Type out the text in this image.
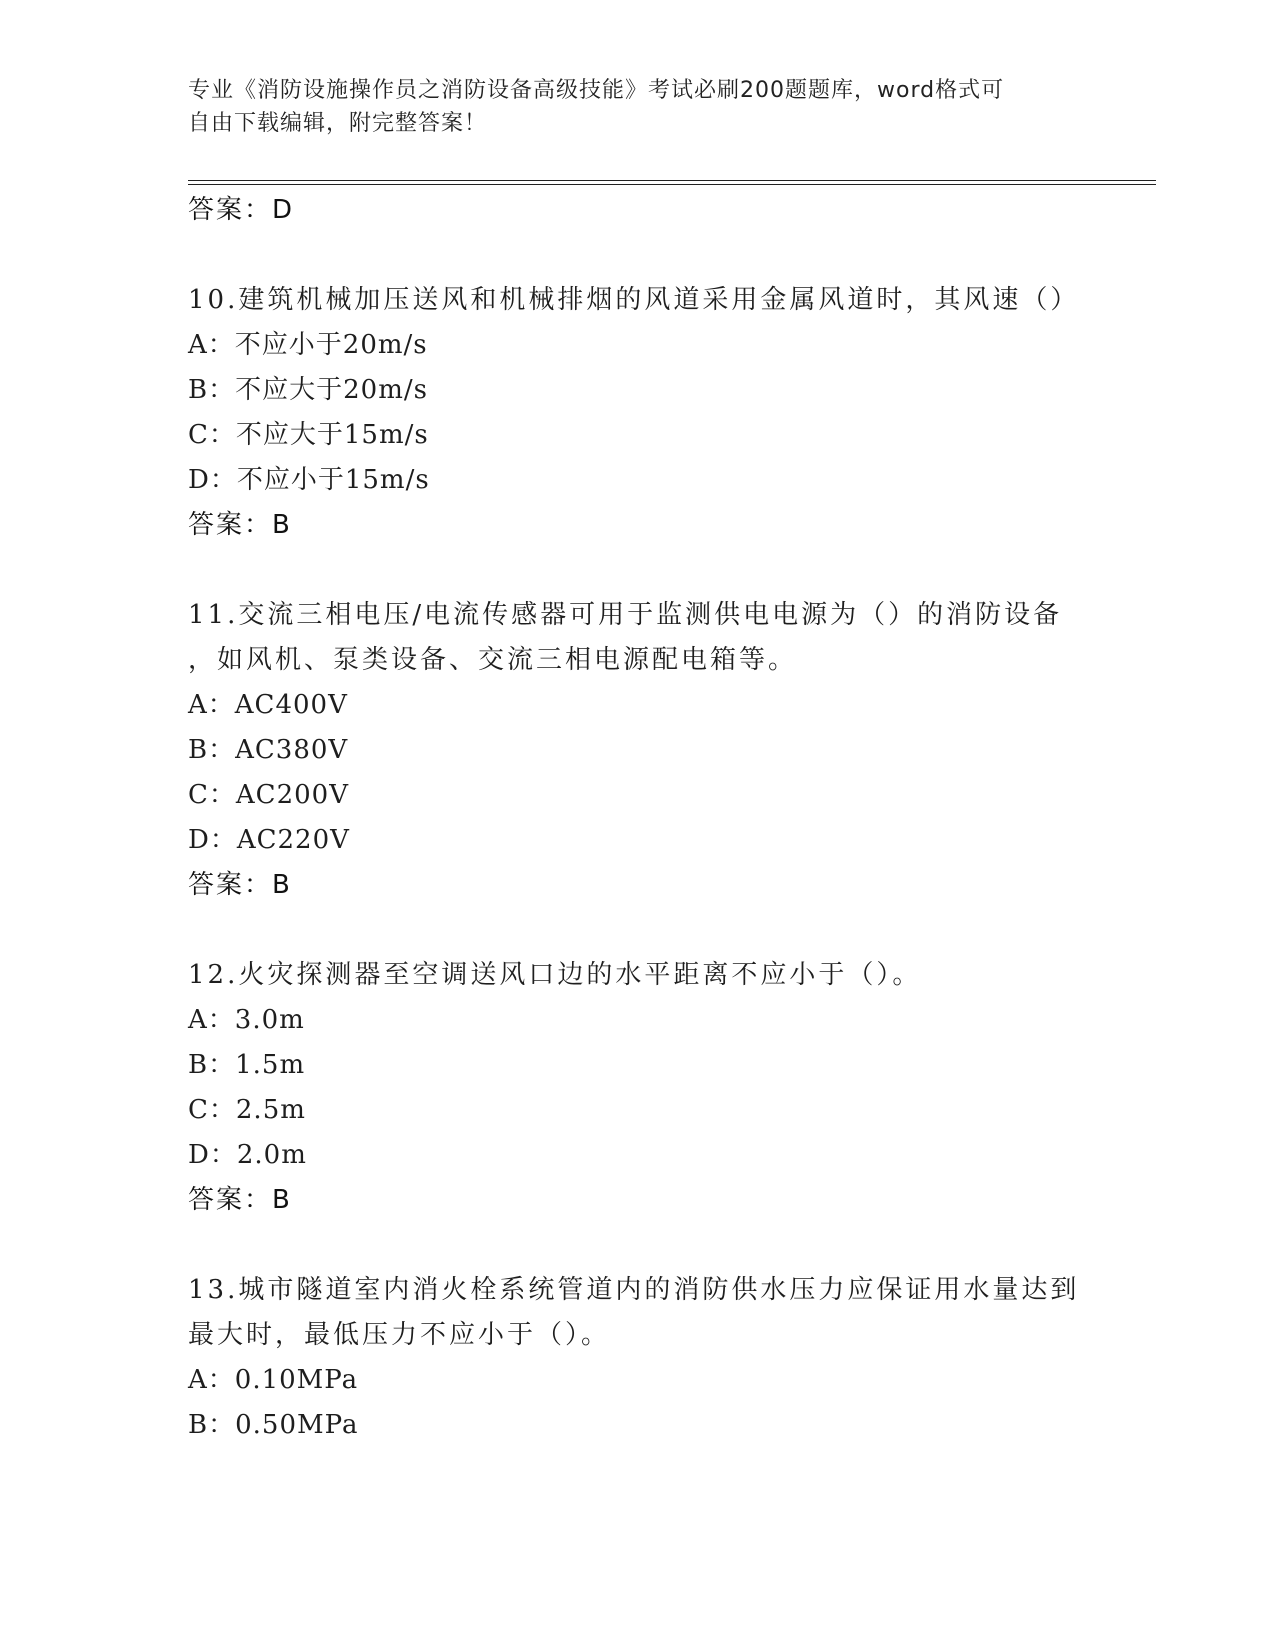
专业《消防设施操作员之消防设备高级技能》考试必刷200题题库，word格式可
自由下载编辑，附完整答案！
答案：D
10.建筑机械加压送风和机械排烟的风道采用金属风道时，其风速（）
A：不应小于20m/s
B：不应大于20m/s
C：不应大于15m/s
D：不应小于15m/s
答案：B
11.交流三相电压/电流传感器可用于监测供电电源为（）的消防设备
，如风机、泵类设备、交流三相电源配电箱等。
A：AC400V
B：AC380V
C：AC200V
D：AC220V
答案：B
12.火灾探测器至空调送风口边的水平距离不应小于（）。
A：3.0m
B：1.5m
C：2.5m
D：2.0m
答案：B
13.城市隧道室内消火栓系统管道内的消防供水压力应保证用水量达到
最大时，最低压力不应小于（）。
A：0.10MPa
B：0.50MPa
